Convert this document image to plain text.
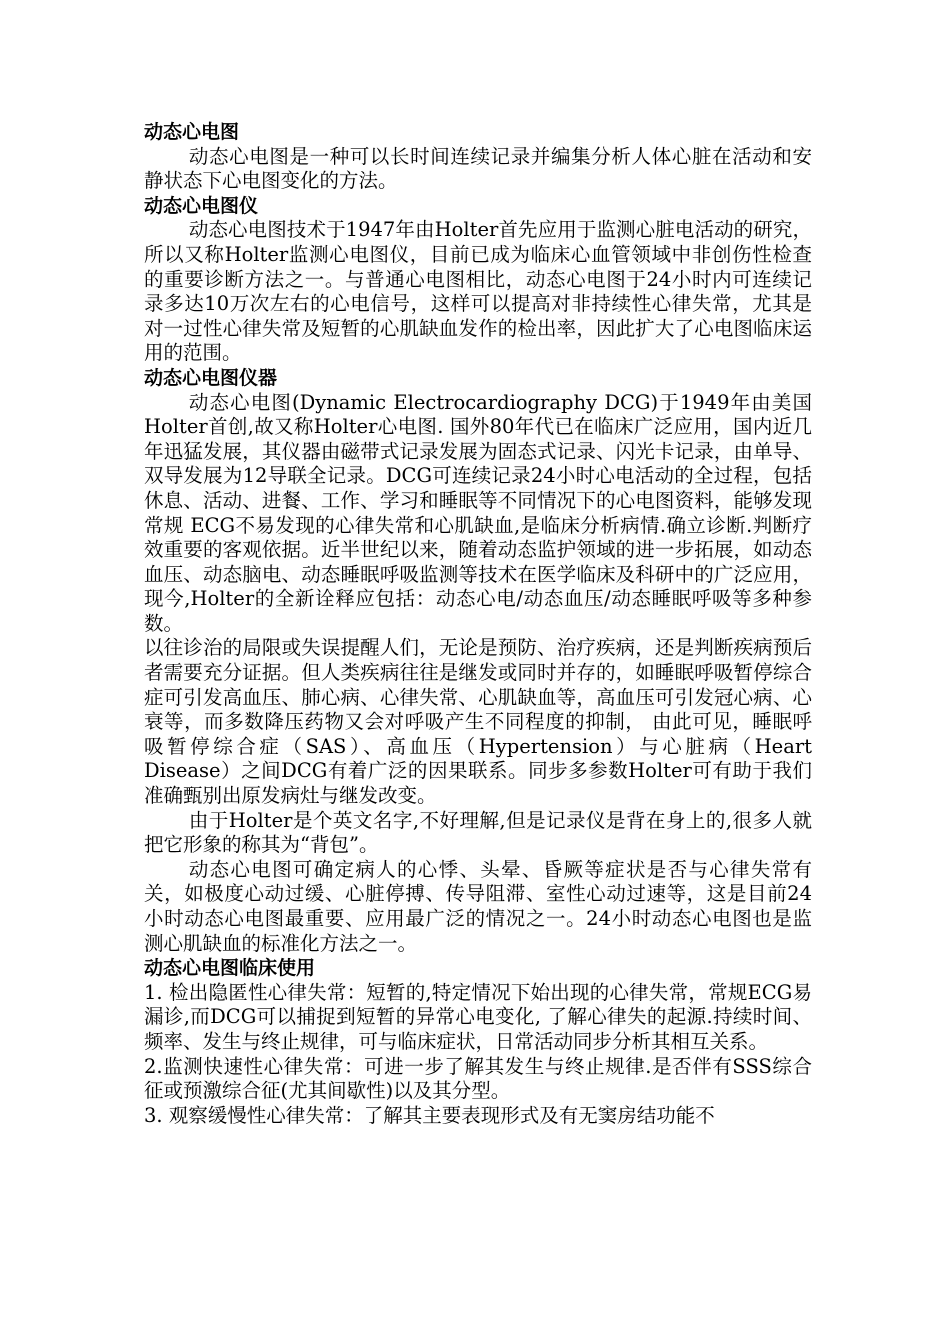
动态心电图

动态心电图是一种可以长时间连续记录并编集分析人体心脏在活动和安静状态下心电图变化的方法。

动态心电图仪

动态心电图技术于1947年由Holter首先应用于监测心脏电活动的研究，所以又称Holter监测心电图仪，目前已成为临床心血管领域中非创伤性检查的重要诊断方法之一。与普通心电图相比，动态心电图于24小时内可连续记录多达10万次左右的心电信号，这样可以提高对非持续性心律失常，尤其是对一过性心律失常及短暂的心肌缺血发作的检出率，因此扩大了心电图临床运用的范围。

动态心电图仪器

动态心电图(Dynamic Electrocardiography DCG)于1949年由美国Holter首创,故又称Holter心电图. 国外80年代已在临床广泛应用，国内近几年迅猛发展，其仪器由磁带式记录发展为固态式记录、闪光卡记录，由单导、双导发展为12导联全记录。DCG可连续记录24小时心电活动的全过程，包括休息、活动、进餐、工作、学习和睡眠等不同情况下的心电图资料，能够发现常规 ECG不易发现的心律失常和心肌缺血,是临床分析病情.确立诊断.判断疗效重要的客观依据。近半世纪以来，随着动态监护领域的进一步拓展，如动态血压、动态脑电、动态睡眠呼吸监测等技术在医学临床及科研中的广泛应用，现今,Holter的全新诠释应包括：动态心电/动态血压/动态睡眠呼吸等多种参数。

以往诊治的局限或失误提醒人们，无论是预防、治疗疾病，还是判断疾病预后者需要充分证据。但人类疾病往往是继发或同时并存的，如睡眠呼吸暂停综合症可引发高血压、肺心病、心律失常、心肌缺血等，高血压可引发冠心病、心衰等，而多数降压药物又会对呼吸产生不同程度的抑制， 由此可见，睡眠呼吸暂停综合症（SAS）、高血压（Hypertension）与心脏病（Heart Disease）之间DCG有着广泛的因果联系。同步多参数Holter可有助于我们准确甄别出原发病灶与继发改变。

由于Holter是个英文名字,不好理解,但是记录仪是背在身上的,很多人就把它形象的称其为“背包”。

动态心电图可确定病人的心悸、头晕、昏厥等症状是否与心律失常有关，如极度心动过缓、心脏停搏、传导阻滞、室性心动过速等，这是目前24小时动态心电图最重要、应用最广泛的情况之一。24小时动态心电图也是监测心肌缺血的标准化方法之一。

动态心电图临床使用

1. 检出隐匿性心律失常：短暂的,特定情况下始出现的心律失常，常规ECG易漏诊,而DCG可以捕捉到短暂的异常心电变化, 了解心律失的起源.持续时间、频率、发生与终止规律，可与临床症状，日常活动同步分析其相互关系。

2.监测快速性心律失常：可进一步了解其发生与终止规律.是否伴有SSS综合征或预激综合征(尤其间歇性)以及其分型。

3. 观察缓慢性心律失常：了解其主要表现形式及有无窦房结功能不
